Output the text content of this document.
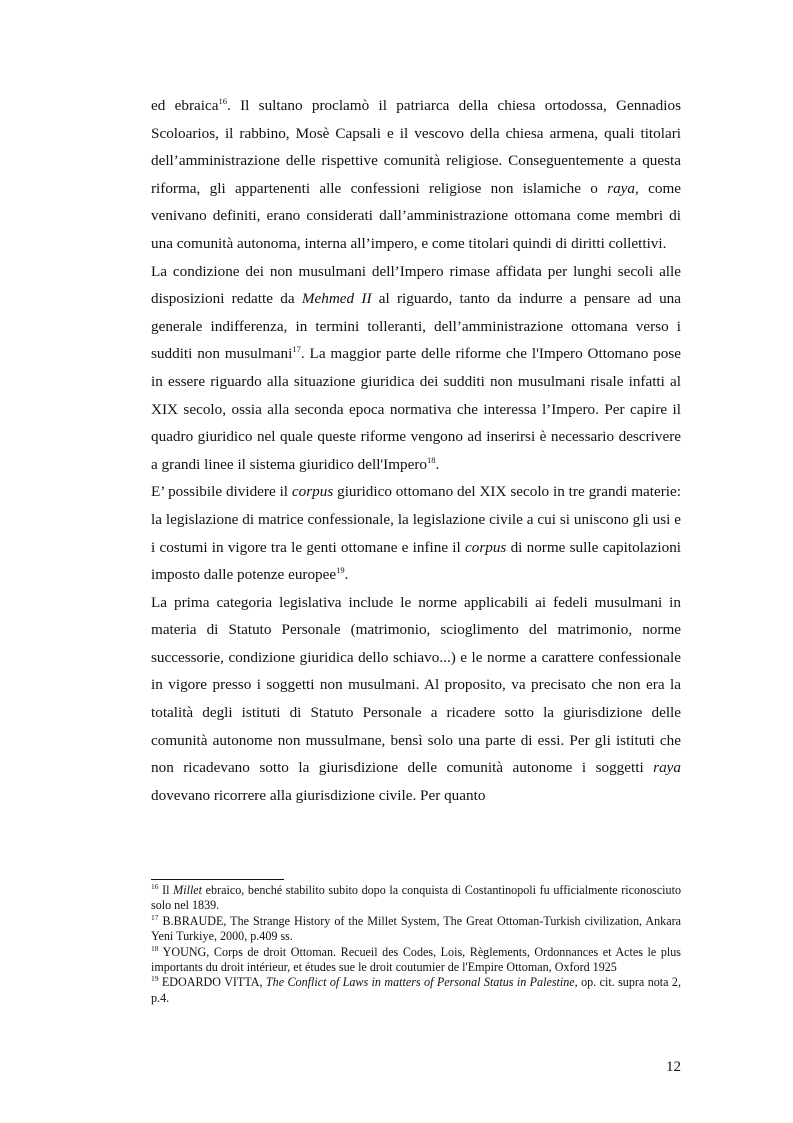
ed ebraica$^{16}$. Il sultano proclamò il patriarca della chiesa ortodossa, Gennadios Scoloarios, il rabbino, Mosè Capsali e il vescovo della chiesa armena, quali titolari dell’amministrazione delle rispettive comunità religiose. Conseguentemente a questa riforma, gli appartenenti alle confessioni religiose non islamiche o raya, come venivano definiti, erano considerati dall’amministrazione ottomana come membri di una comunità autonoma, interna all’impero, e come titolari quindi di diritti collettivi.

La condizione dei non musulmani dell’Impero rimase affidata per lunghi secoli alle disposizioni redatte da Mehmed II al riguardo, tanto da indurre a pensare ad una generale indifferenza, in termini tolleranti, dell’amministrazione ottomana verso i sudditi non musulmani$^{17}$. La maggior parte delle riforme che l'Impero Ottomano pose in essere riguardo alla situazione giuridica dei sudditi non musulmani risale infatti al XIX secolo, ossia alla seconda epoca normativa che interessa l’Impero. Per capire il quadro giuridico nel quale queste riforme vengono ad inserirsi è necessario descrivere a grandi linee il sistema giuridico dell'Impero$^{18}$.

E’ possibile dividere il corpus giuridico ottomano del XIX secolo in tre grandi materie: la legislazione di matrice confessionale, la legislazione civile a cui si uniscono gli usi e i costumi in vigore tra le genti ottomane e infine il corpus di norme sulle capitolazioni imposto dalle potenze europee$^{19}$.

La prima categoria legislativa include le norme applicabili ai fedeli musulmani in materia di Statuto Personale (matrimonio, scioglimento del matrimonio, norme successorie, condizione giuridica dello schiavo...) e le norme a carattere confessionale in vigore presso i soggetti non musulmani. Al proposito, va precisato che non era la totalità degli istituti di Statuto Personale a ricadere sotto la giurisdizione delle comunità autonome non mussulmane, bensì solo una parte di essi. Per gli istituti che non ricadevano sotto la giurisdizione delle comunità autonome i soggetti raya dovevano ricorrere alla giurisdizione civile. Per quanto

$^{16}$ Il Millet ebraico, benché stabilito subito dopo la conquista di Costantinopoli fu ufficialmente riconosciuto solo nel 1839.

$^{17}$ B.BRAUDE, The Strange History of the Millet System, The Great Ottoman-Turkish civilization, Ankara Yeni Turkiye, 2000, p.409 ss.

$^{18}$ YOUNG, Corps de droit Ottoman. Recueil des Codes, Lois, Règlements, Ordonnances et Actes le plus importants du droit intérieur, et études sue le droit coutumier de l'Empire Ottoman, Oxford 1925

$^{19}$ EDOARDO VITTA, The Conflict of Laws in matters of Personal Status in Palestine, op. cit. supra nota 2, p.4.

12
